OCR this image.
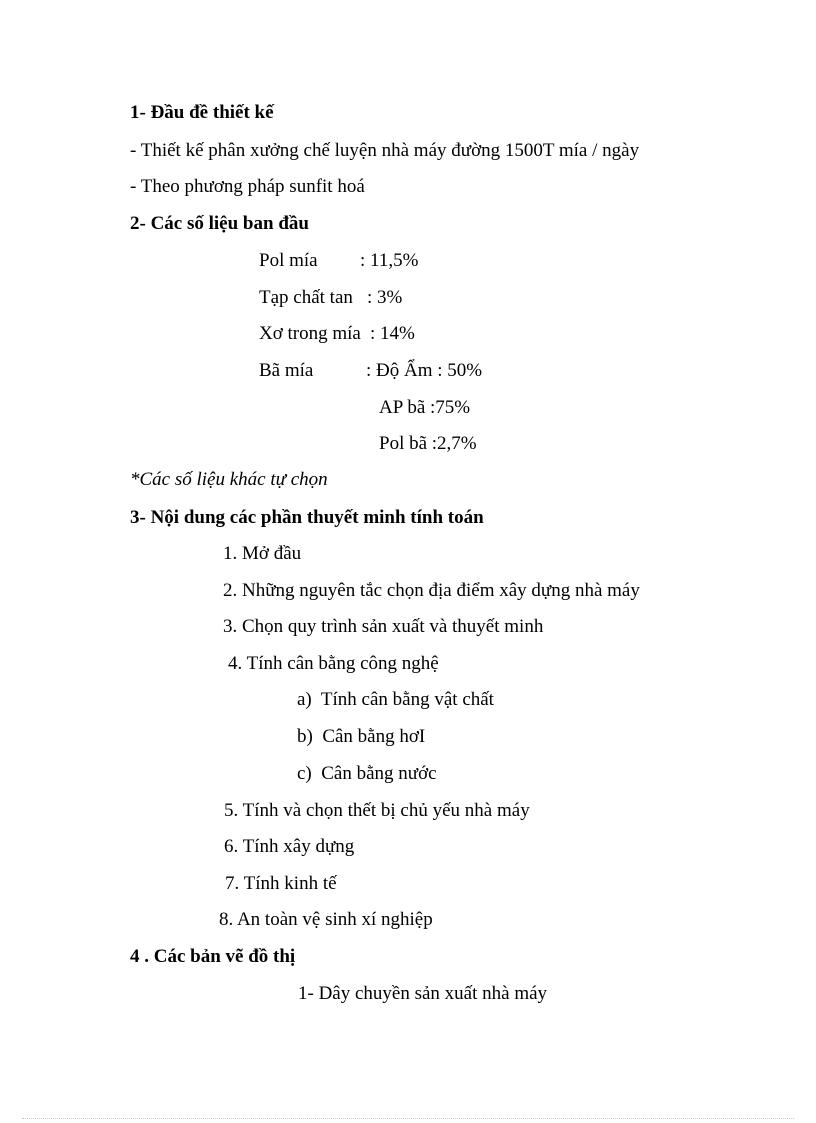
1- Đầu đề thiết kế
- Thiết kế phân xưởng chế luyện nhà máy đường 1500T mía / ngày
- Theo phương pháp sunfit hoá
2- Các số liệu ban đầu
Pol mía : 11,5%
Tạp chất tan : 3%
Xơ trong mía : 14%
Bã mía	: Độ Ẩm : 50%
AP bã :75%
Pol bã :2,7%
*Các số liệu khác tự chọn
3- Nội dung các phần thuyết minh tính toán
1. Mở đầu
2. Những nguyên tắc chọn địa điểm xây dựng nhà máy
3. Chọn quy trình sản xuất và thuyết minh
4. Tính cân bằng công nghệ
a)  Tính cân bằng vật chất
b)  Cân bằng hơI
c)  Cân bằng nước
5. Tính và chọn thết bị chủ yếu nhà máy
6. Tính xây dựng
7. Tính kinh tế
8. An toàn vệ sinh xí nghiệp
4 . Các bản vẽ đồ thị
1- Dây chuyền sản xuất nhà máy
